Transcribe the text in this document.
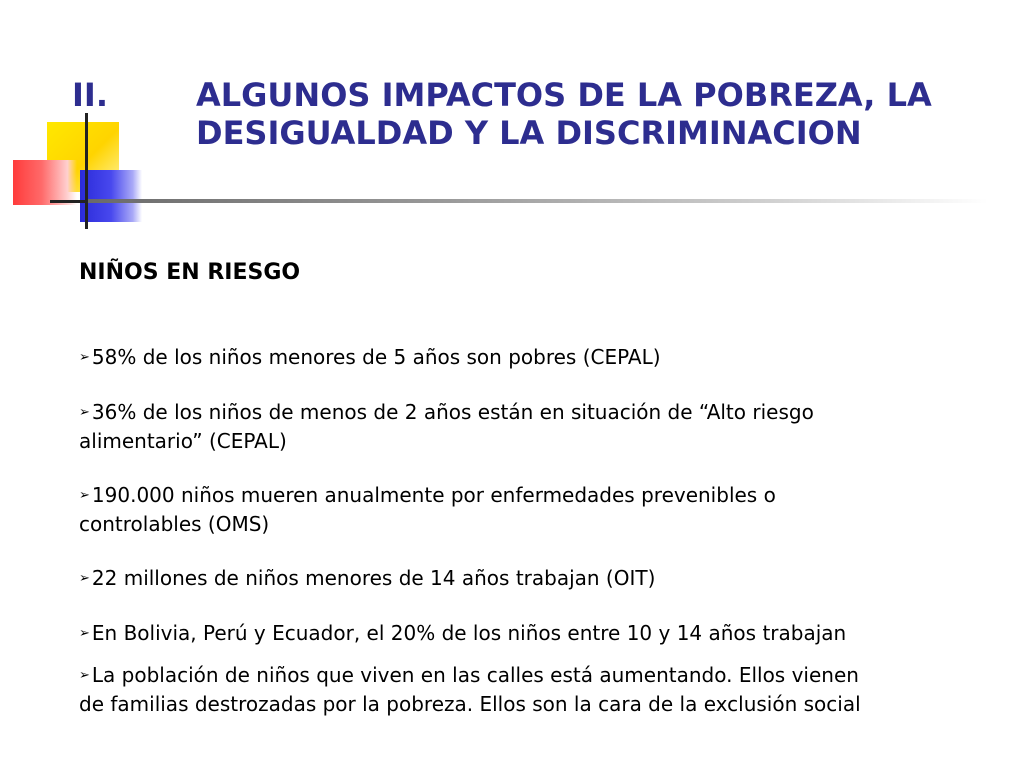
II.	ALGUNOS IMPACTOS DE LA POBREZA, LA
DESIGUALDAD Y LA DISCRIMINACION
NIÑOS EN RIESGO
➢ 58% de los niños menores de 5 años son pobres (CEPAL)
➢ 36% de los niños de menos de 2 años están en situación de “Alto riesgo
alimentario” (CEPAL)
➢ 190.000 niños mueren anualmente por enfermedades prevenibles o
controlables (OMS)
➢ 22 millones de niños menores de 14 años trabajan (OIT)
➢ En Bolivia, Perú y Ecuador, el 20% de los niños entre 10 y 14 años trabajan
➢ La población de niños que viven en las calles está aumentando. Ellos vienen
de familias destrozadas por la pobreza. Ellos son la cara de la exclusión social
